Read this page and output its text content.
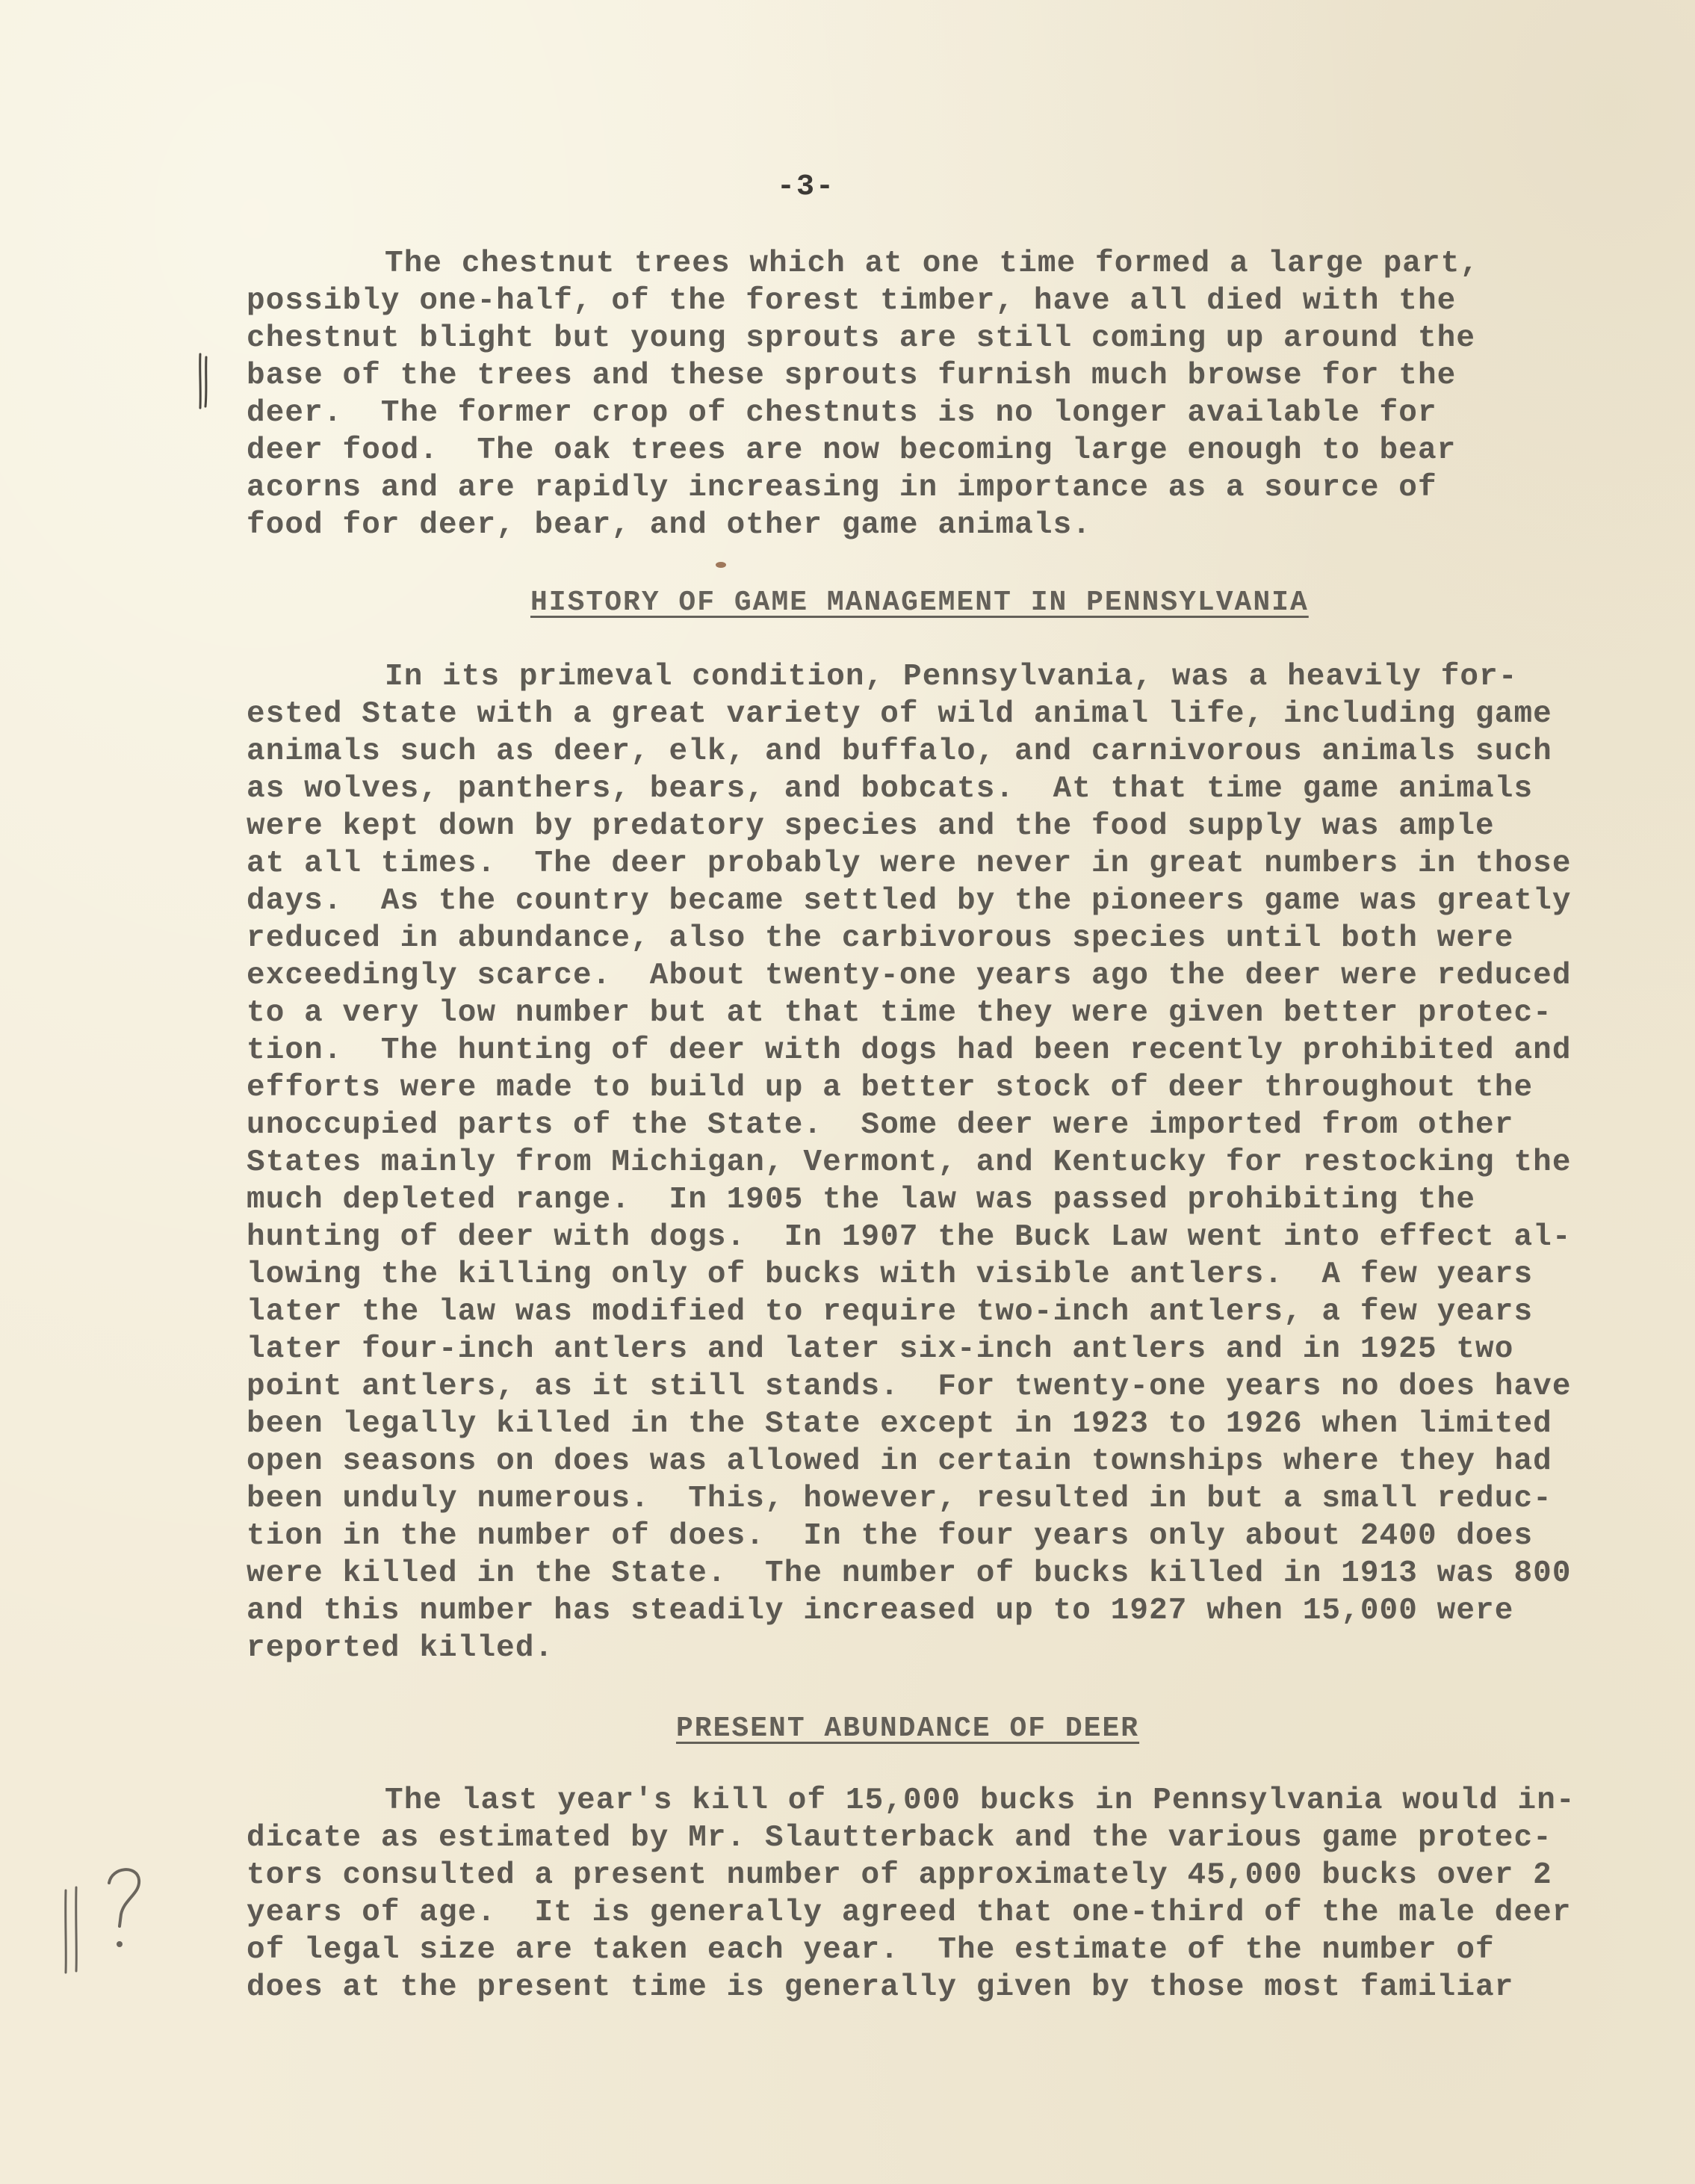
-3-
The chestnut trees which at one time formed a large part,
possibly one-half, of the forest timber, have all died with the
chestnut blight but young sprouts are still coming up around the
base of the trees and these sprouts furnish much browse for the
deer.  The former crop of chestnuts is no longer available for
deer food.  The oak trees are now becoming large enough to bear
acorns and are rapidly increasing in importance as a source of
food for deer, bear, and other game animals.
HISTORY OF GAME MANAGEMENT IN PENNSYLVANIA
In its primeval condition, Pennsylvania, was a heavily for-
ested State with a great variety of wild animal life, including game
animals such as deer, elk, and buffalo, and carnivorous animals such
as wolves, panthers, bears, and bobcats.  At that time game animals
were kept down by predatory species and the food supply was ample
at all times.  The deer probably were never in great numbers in those
days.  As the country became settled by the pioneers game was greatly
reduced in abundance, also the carbivorous species until both were
exceedingly scarce.  About twenty-one years ago the deer were reduced
to a very low number but at that time they were given better protec-
tion.  The hunting of deer with dogs had been recently prohibited and
efforts were made to build up a better stock of deer throughout the
unoccupied parts of the State.  Some deer were imported from other
States mainly from Michigan, Vermont, and Kentucky for restocking the
much depleted range.  In 1905 the law was passed prohibiting the
hunting of deer with dogs.  In 1907 the Buck Law went into effect al-
lowing the killing only of bucks with visible antlers.  A few years
later the law was modified to require two-inch antlers, a few years
later four-inch antlers and later six-inch antlers and in 1925 two
point antlers, as it still stands.  For twenty-one years no does have
been legally killed in the State except in 1923 to 1926 when limited
open seasons on does was allowed in certain townships where they had
been unduly numerous.  This, however, resulted in but a small reduc-
tion in the number of does.  In the four years only about 2400 does
were killed in the State.  The number of bucks killed in 1913 was 800
and this number has steadily increased up to 1927 when 15,000 were
reported killed.
PRESENT ABUNDANCE OF DEER
The last year's kill of 15,000 bucks in Pennsylvania would in-
dicate as estimated by Mr. Slautterback and the various game protec-
tors consulted a present number of approximately 45,000 bucks over 2
years of age.  It is generally agreed that one-third of the male deer
of legal size are taken each year.  The estimate of the number of
does at the present time is generally given by those most familiar
